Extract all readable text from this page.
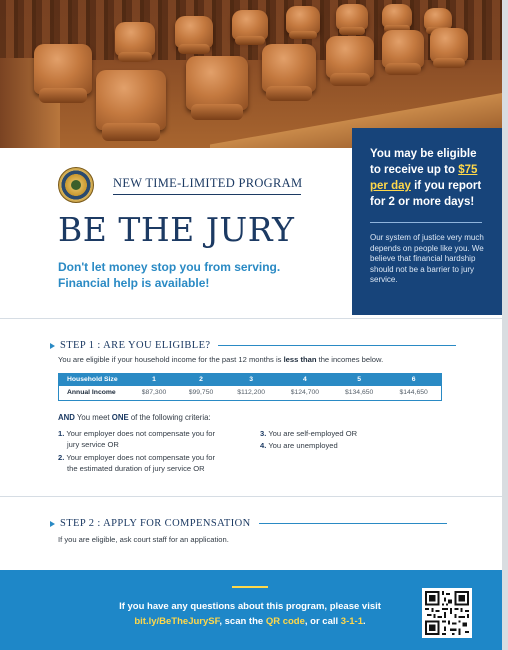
You may be eligible
to receive up to $75
per day if you report
for 2 or more days!
Our system of justice very much depends on people like you. We believe that financial hardship should not be a barrier to jury service.
NEW TIME-LIMITED PROGRAM
BE THE JURY
Don't let money stop you from serving.
Financial help is available!
STEP 1 : ARE YOU ELIGIBLE?
You are eligible if your household income for the past 12 months is less than the incomes below.
Household Size	1	2	3	4	5	6
Annual Income	$87,300	$99,750	$112,200	$124,700	$134,650	$144,650
AND You meet ONE of the following criteria:
1. Your employer does not compensate you for
jury service OR
2. Your employer does not compensate you for
the estimated duration of jury service OR
3. You are self-employed OR
4. You are unemployed
STEP 2 : APPLY FOR COMPENSATION
If you are eligible, ask court staff for an application.
If you have any questions about this program, please visit
bit.ly/BeTheJurySF, scan the QR code, or call 3-1-1.
